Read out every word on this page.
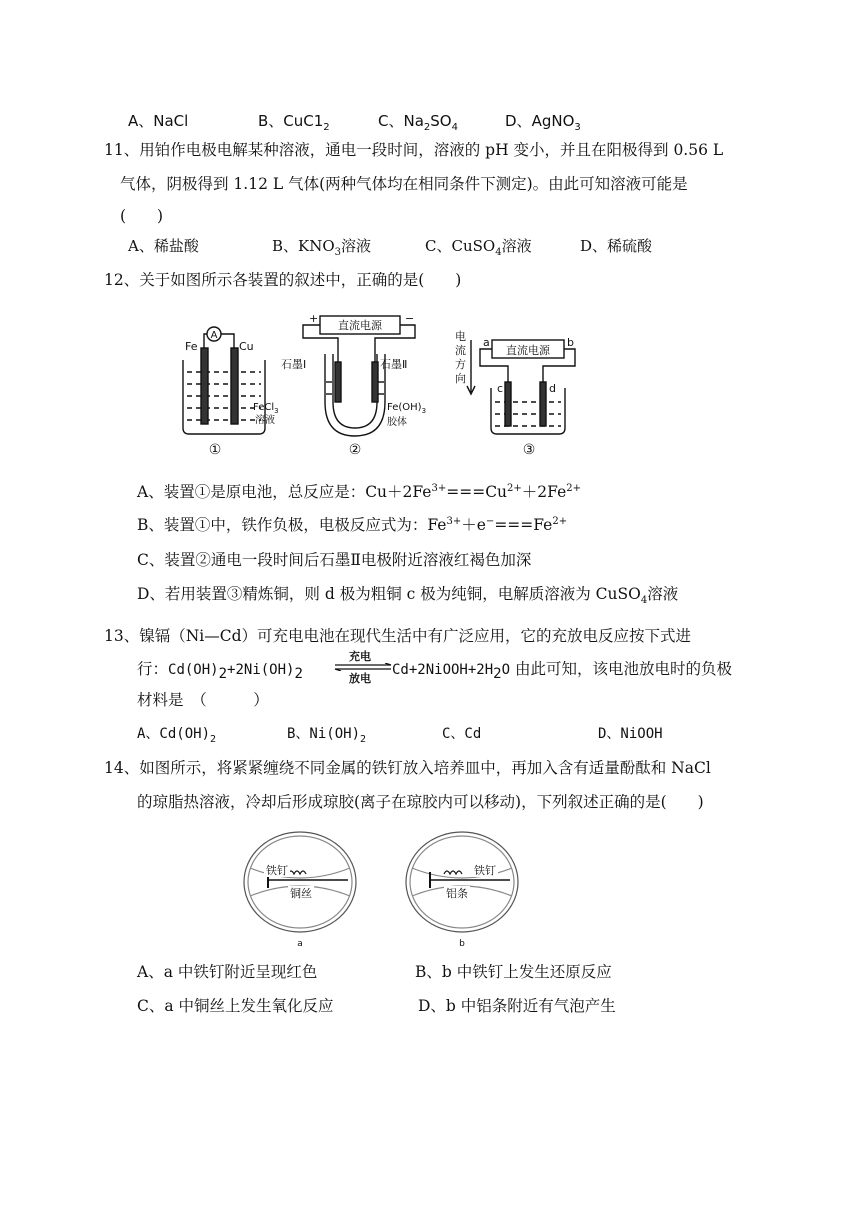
A、NaCl	B、$CuC1_2$	C、$Na_2SO_4$	D、AgNO$_3$
11、用铂作电极电解某种溶液，通电一段时间，溶液的 pH 变小，并且在阳极得到 0.56 L
气体，阴极得到 1.12 L 气体(两种气体均在相同条件下测定)。由此可知溶液可能是
(　　)
A、稀盐酸	B、$KNO_3$溶液	C、CuSO$_4$溶液	D、稀硫酸
12、关于如图所示各装置的叙述中，正确的是(　　)
A
Fe	Cu
FeCl$_3$
溶液
①
直流电源
+	−
石墨Ⅰ	石墨Ⅱ
$Fe(OH)_3$
胶体
②
直流电源
a	b
c	d
电
流
方
向
③
A、装置①是原电池，总反应是：$Cu+2Fe^{3+}===Cu^{2+}+2Fe^{2+}$
B、装置①中，铁作负极，电极反应式为：$Fe^{3+}+e^-===Fe^{2+}$
C、装置②通电一段时间后石墨Ⅱ电极附近溶液红褐色加深
D、若用装置③精炼铜，则 d 极为粗铜 c 极为纯铜，电解质溶液为 CuSO$_4$溶液
13、镍镉（Ni—Cd）可充电电池在现代生活中有广泛应用，它的充放电反应按下式进
行：$Cd(OH)_2+2Ni(OH)_2$
充电
放电
$Cd+2NiOOH+2H_2O$ 由此可知，该电池放电时的负极
材料是　（　　　）
A、$Cd(OH)_2$	B、$Ni(OH)_2$	C、Cd	D、NiOOH
14、如图所示，将紧紧缠绕不同金属的铁钉放入培养皿中，再加入含有适量酚酞和 NaCl
的琼脂热溶液，冷却后形成琼胶(离子在琼胶内可以移动)，下列叙述正确的是(　　)
铁钉
铜丝
a
铁钉
铝条
b
A、a 中铁钉附近呈现红色	B、b 中铁钉上发生还原反应
C、a 中铜丝上发生氧化反应	D、b 中铝条附近有气泡产生
